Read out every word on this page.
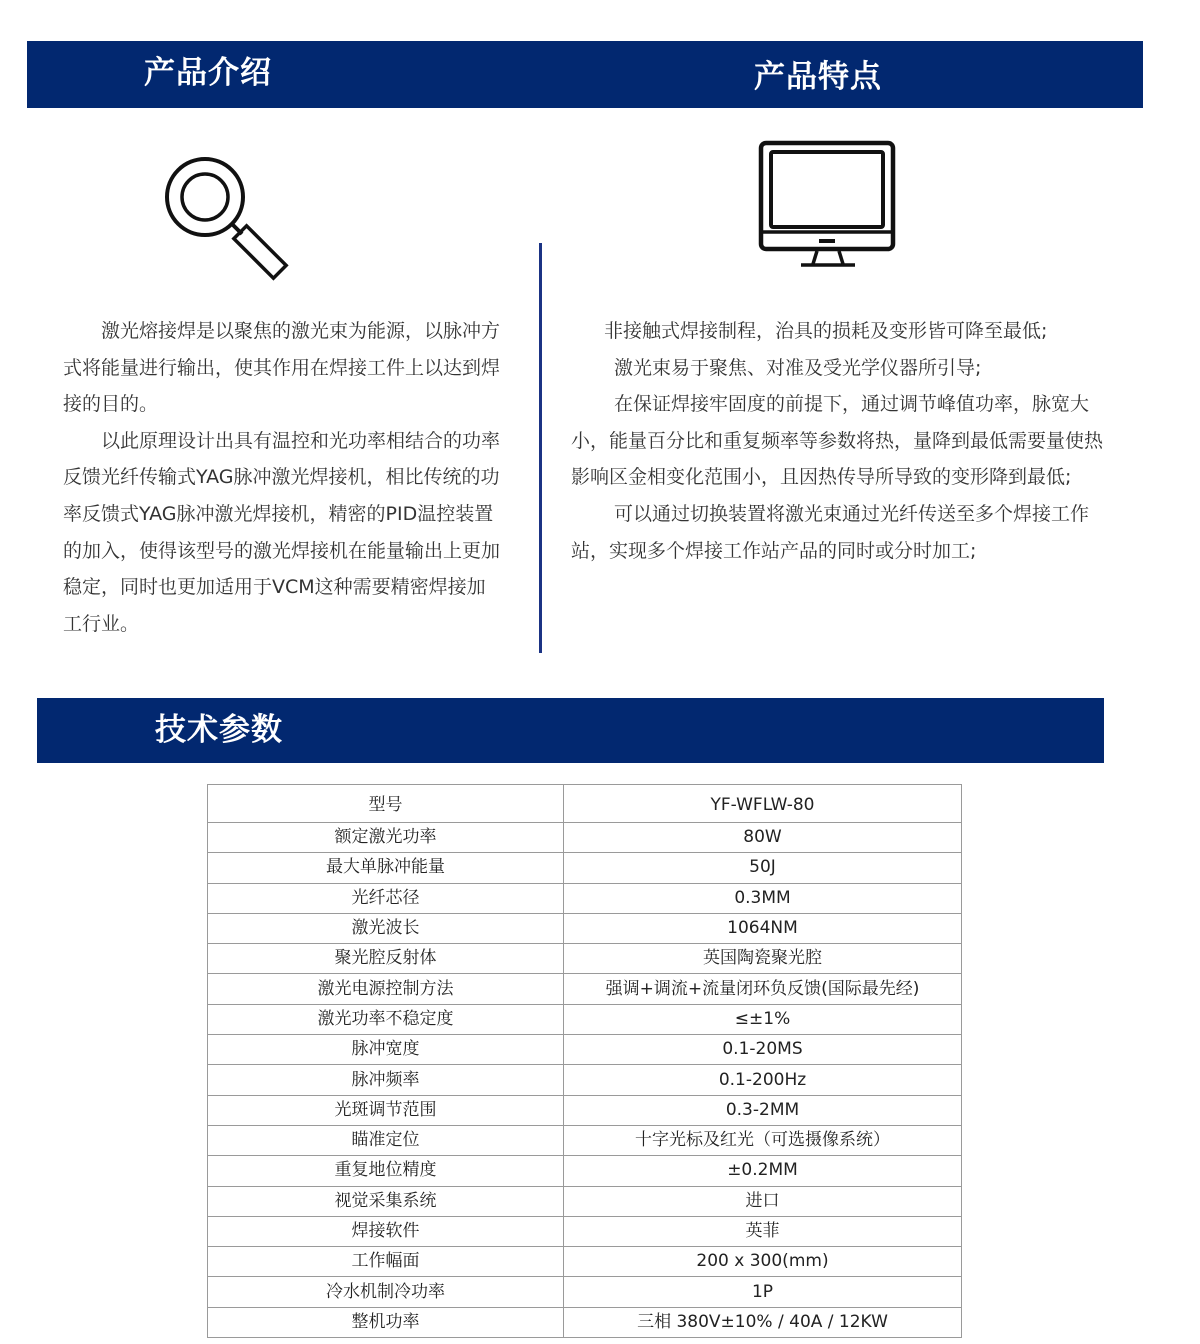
产品介绍	产品特点

激光熔接焊是以聚焦的激光束为能源，以脉冲方式将能量进行输出，使其作用在焊接工件上以达到焊接的目的。

以此原理设计出具有温控和光功率相结合的功率反馈光纤传输式YAG脉冲激光焊接机，相比传统的功率反馈式YAG脉冲激光焊接机，精密的PID温控装置的加入，使得该型号的激光焊接机在能量输出上更加稳定，同时也更加适用于VCM这种需要精密焊接加工行业。

非接触式焊接制程，治具的损耗及变形皆可降至最低;

激光束易于聚焦、对准及受光学仪器所引导;

在保证焊接牢固度的前提下，通过调节峰值功率，脉宽大小，能量百分比和重复频率等参数将热，量降到最低需要量使热影响区金相变化范围小，且因热传导所导致的变形降到最低;

可以通过切换装置将激光束通过光纤传送至多个焊接工作站，实现多个焊接工作站产品的同时或分时加工;

技术参数
型号	YF-WFLW-80
额定激光功率	80W
最大单脉冲能量	50J
光纤芯径	0.3MM
激光波长	1064NM
聚光腔反射体	英国陶瓷聚光腔
激光电源控制方法	强调+调流+流量闭环负反馈(国际最先经)
激光功率不稳定度	≤±1%
脉冲宽度	0.1-20MS
脉冲频率	0.1-200Hz
光斑调节范围	0.3-2MM
瞄准定位	十字光标及红光（可选摄像系统）
重复地位精度	±0.2MM
视觉采集系统	进口
焊接软件	英菲
工作幅面	200 x 300(mm)
冷水机制冷功率	1P
整机功率	三相 380V±10% / 40A / 12KW
